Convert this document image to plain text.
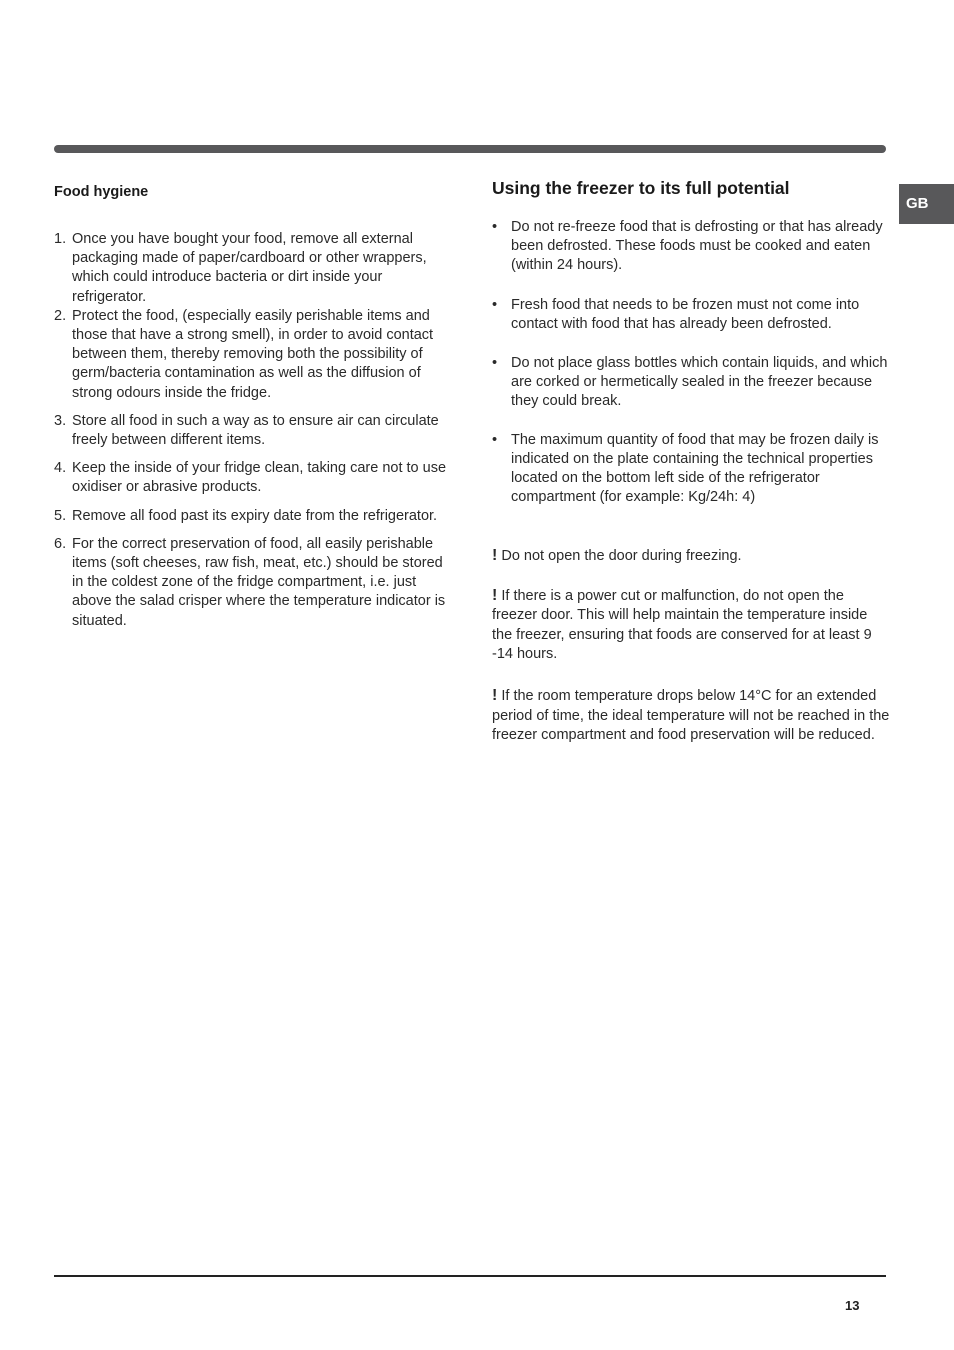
GB
Food hygiene
1. Once you have bought your food, remove all external packaging made of paper/cardboard or other wrappers, which could introduce bacteria or dirt inside your refrigerator.
2. Protect the food, (especially easily perishable items and those that have a strong smell), in order to avoid contact between them, thereby removing both the possibility of germ/bacteria contamination as well as the diffusion of strong odours inside the fridge.
3. Store all food in such a way as to ensure air can circulate freely between different items.
4. Keep the inside of your fridge clean, taking care not to use oxidiser or abrasive products.
5. Remove all food past its expiry date from the refrigerator.
6. For the correct preservation of food, all easily perishable items (soft cheeses, raw fish, meat, etc.) should be stored in the coldest zone of the fridge compartment, i.e. just above the salad crisper where the temperature indicator is situated.
Using the freezer to its full potential
• Do not re-freeze food that is defrosting or that has already been defrosted. These foods must be cooked and eaten (within 24 hours).
• Fresh food that needs to be frozen must not come into contact with food that has already been defrosted.
• Do not place glass bottles which contain liquids, and which are corked or hermetically sealed in the freezer because they could break.
• The maximum quantity of food that may be frozen daily is indicated on the plate containing the technical properties located on the bottom left side of the refrigerator compartment (for example: Kg/24h: 4)

! Do not open the door during freezing.

! If there is a power cut or malfunction, do not open the freezer door. This will help maintain the temperature inside the freezer, ensuring that foods are conserved for at least 9 -14 hours.

! If the room temperature drops below 14°C for an extended period of time, the ideal temperature will not be reached in the freezer compartment and food preservation will be reduced.

13
